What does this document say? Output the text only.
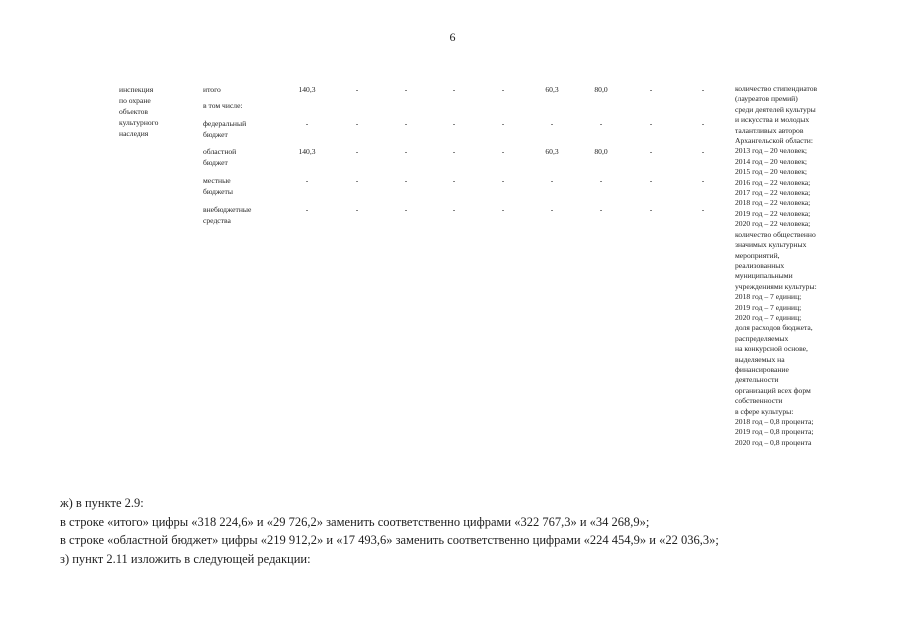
6
инспекция
по охране
объектов
культурного
наследия
итого	140,3	-	-	-	-	60,3	80,0	-	-
в том числе:
федеральный
бюджет
-	-	-	-	-	-	-	-	-
областной
бюджет
140,3	-	-	-	-	60,3	80,0	-	-
местные
бюджеты
-	-	-	-	-	-	-	-	-
внебюджетные
средства
-	-	-	-	-	-	-	-	-
количество стипендиатов
(лауреатов премий)
среди деятелей культуры
и искусства и молодых
талантливых авторов
Архангельской области:
2013 год – 20 человек;
2014 год – 20 человек;
2015 год – 20 человек;
2016 год – 22 человека;
2017 год – 22 человека;
2018 год – 22 человека;
2019 год – 22 человека;
2020 год – 22 человека;
количество общественно
значимых культурных
мероприятий,
реализованных
муниципальными
учреждениями культуры:
2018 год – 7 единиц;
2019 год – 7 единиц;
2020 год – 7 единиц;
доля расходов бюджета,
распределяемых
на конкурсной основе,
выделяемых на
финансирование
деятельности
организаций всех форм
собственности
в сфере культуры:
2018 год – 0,8 процента;
2019 год – 0,8 процента;
2020 год – 0,8 процента
ж) в пункте 2.9:
в строке «итого» цифры «318 224,6» и «29 726,2» заменить соответственно цифрами «322 767,3» и «34 268,9»;
в строке «областной бюджет» цифры «219 912,2» и «17 493,6» заменить соответственно цифрами «224 454,9» и «22 036,3»;
з) пункт 2.11 изложить в следующей редакции:
